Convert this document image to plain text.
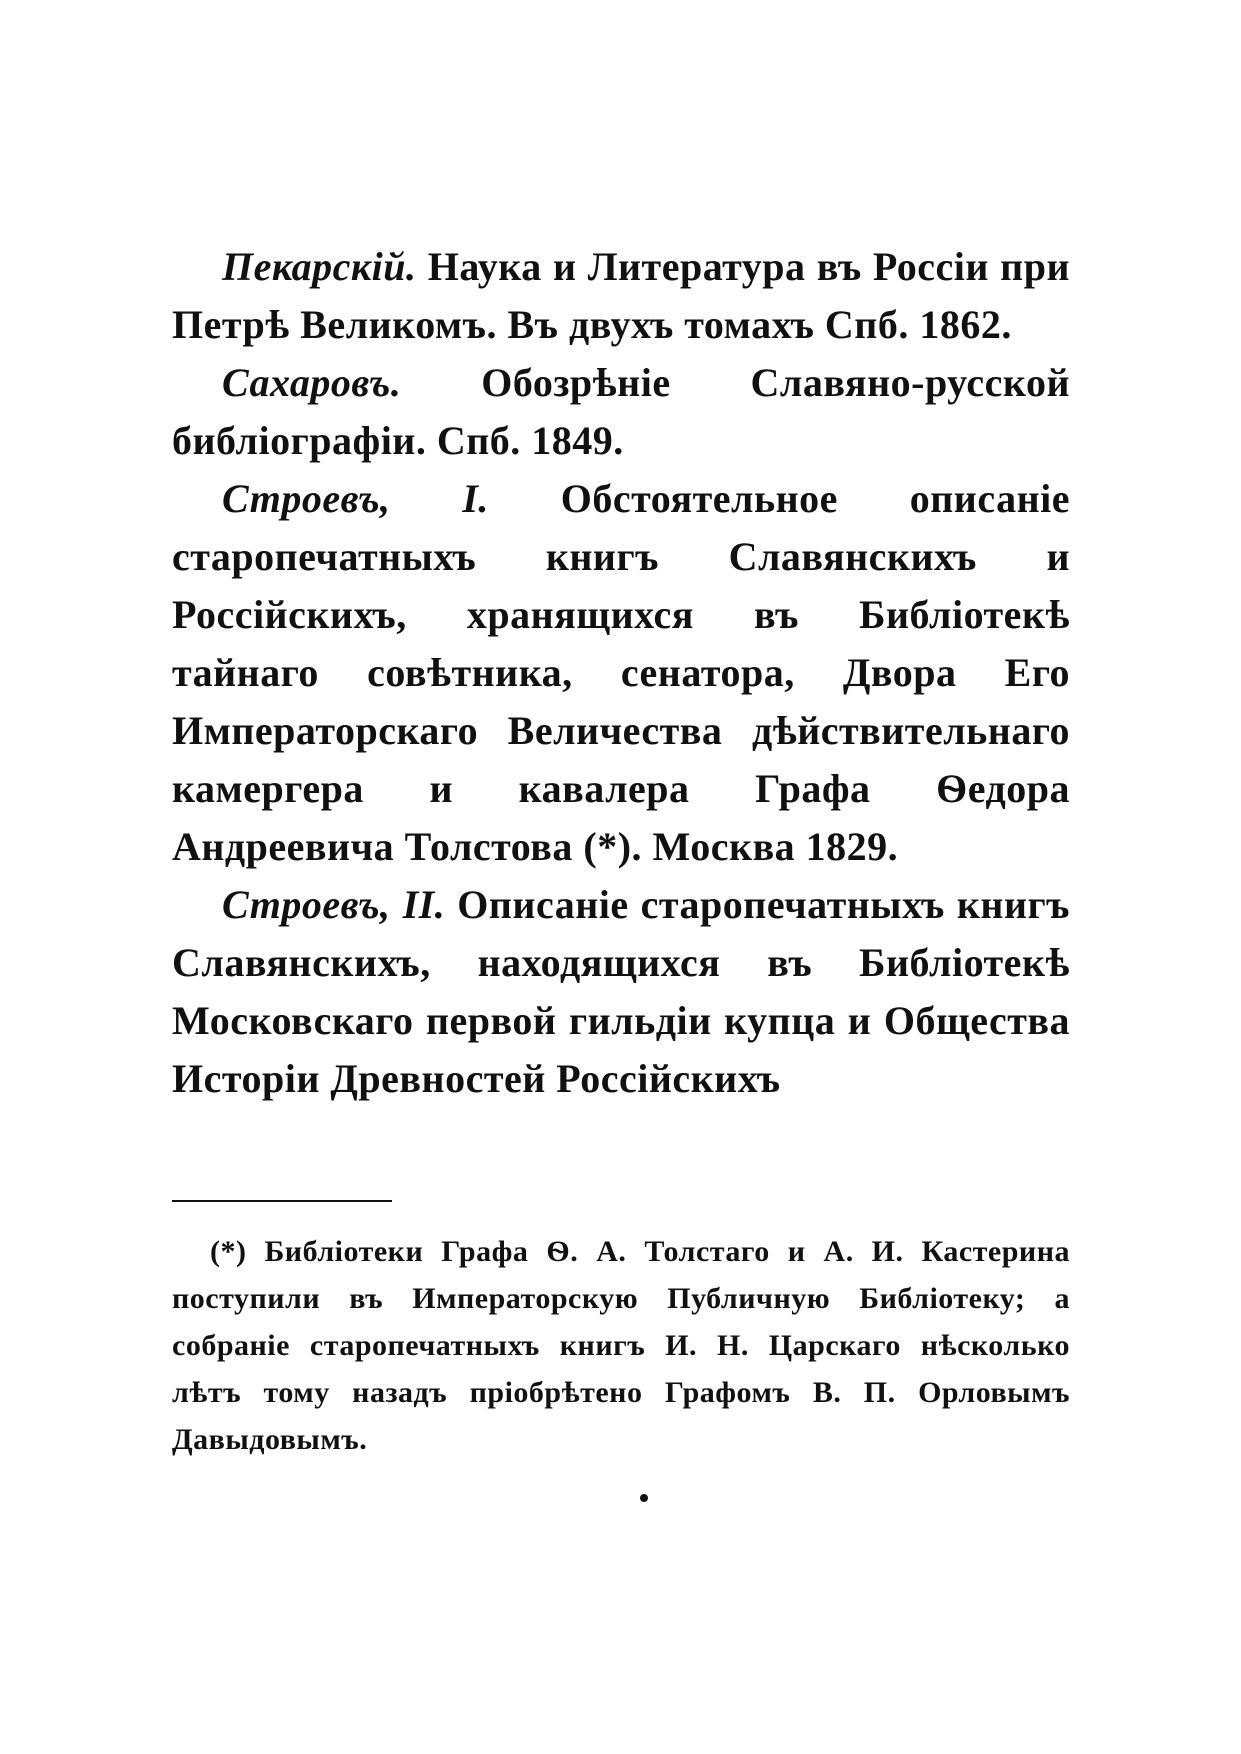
Пекарскій. Наука и Литература въ Россіи при Петрѣ Великомъ. Въ двухъ томахъ Спб. 1862.

Сахаровъ. Обозрѣніе Славяно-русской библіографіи. Спб. 1849.

Строевъ, I. Обстоятельное описаніе старопечатныхъ книгъ Славянскихъ и Россійскихъ, хранящихся въ Библіотекѣ тайнаго совѣтника, сенатора, Двора Его Императорскаго Величества дѣйствительнаго камергера и кавалера Графа Ѳедора Андреевича Толстова (*). Москва 1829.

Строевъ, II. Описаніе старопечатныхъ книгъ Славянскихъ, находящихся въ Библіотекѣ Московскаго первой гильдіи купца и Общества Исторіи Древностей Россійскихъ

(*) Библіотеки Графа Ѳ. А. Толстаго и А. И. Кастерина поступили въ Императорскую Публичную Библіотеку; а собраніе старопечатныхъ книгъ И. Н. Царскаго нѣсколько лѣтъ тому назадъ пріобрѣтено Графомъ В. П. Орловымъ Давыдовымъ.
